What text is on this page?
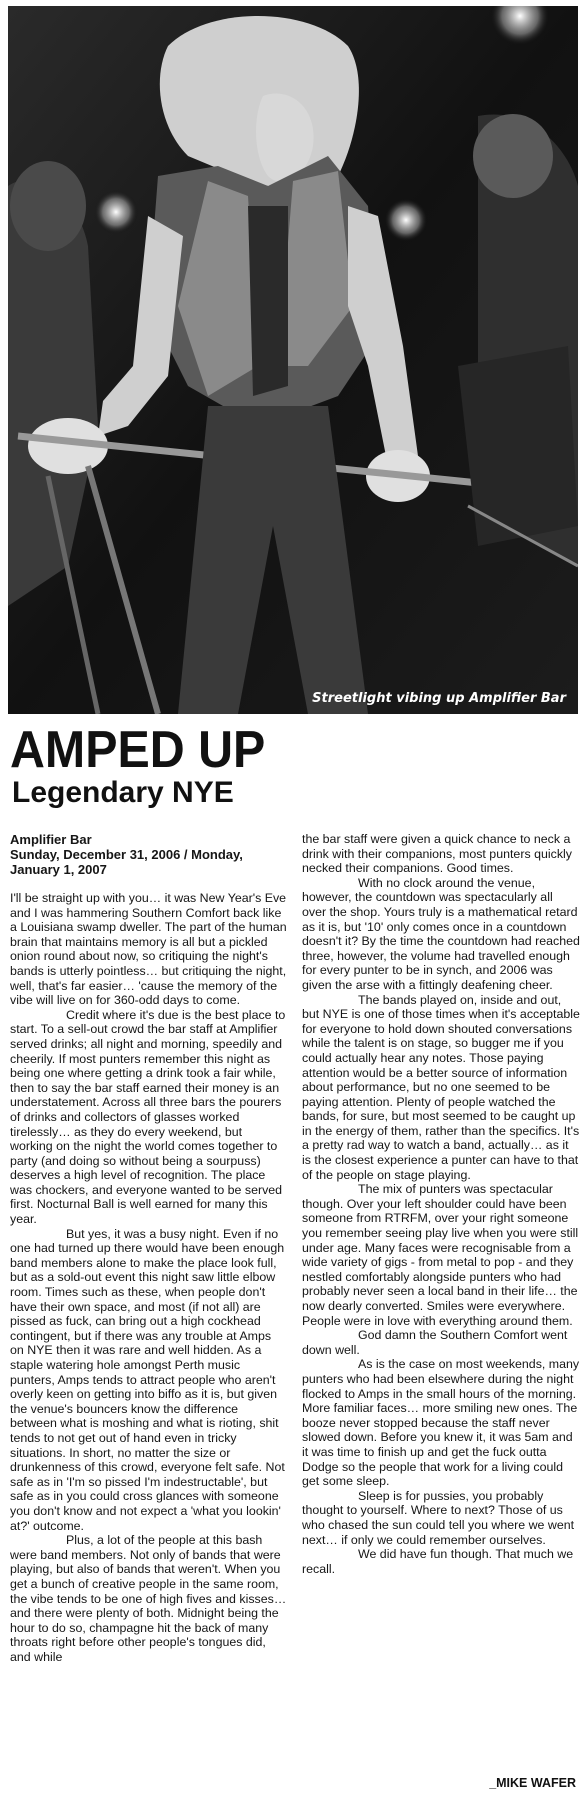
Streetlight vibing up Amplifier Bar
AMPED UP
Legendary NYE

Amplifier Bar

Sunday, December 31, 2006 / Monday, January 1, 2007

I'll be straight up with you… it was New Year's Eve and I was hammering Southern Comfort back like a Louisiana swamp dweller. The part of the human brain that maintains memory is all but a pickled onion round about now, so critiquing the night's bands is utterly pointless… but critiquing the night, well, that's far easier… 'cause the memory of the vibe will live on for 360-odd days to come.

Credit where it's due is the best place to start. To a sell-out crowd the bar staff at Amplifier served drinks; all night and morning, speedily and cheerily. If most punters remember this night as being one where getting a drink took a fair while, then to say the bar staff earned their money is an understatement. Across all three bars the pourers of drinks and collectors of glasses worked tirelessly… as they do every weekend, but working on the night the world comes together to party (and doing so without being a sourpuss) deserves a high level of recognition. The place was chockers, and everyone wanted to be served first. Nocturnal Ball is well earned for many this year.

But yes, it was a busy night. Even if no one had turned up there would have been enough band members alone to make the place look full, but as a sold-out event this night saw little elbow room. Times such as these, when people don't have their own space, and most (if not all) are pissed as fuck, can bring out a high cockhead contingent, but if there was any trouble at Amps on NYE then it was rare and well hidden. As a staple watering hole amongst Perth music punters, Amps tends to attract people who aren't overly keen on getting into biffo as it is, but given the venue's bouncers know the difference between what is moshing and what is rioting, shit tends to not get out of hand even in tricky situations. In short, no matter the size or drunkenness of this crowd, everyone felt safe. Not safe as in 'I'm so pissed I'm indestructable', but safe as in you could cross glances with someone you don't know and not expect a 'what you lookin' at?' outcome.

Plus, a lot of the people at this bash were band members. Not only of bands that were playing, but also of bands that weren't. When you get a bunch of creative people in the same room, the vibe tends to be one of high fives and kisses… and there were plenty of both. Midnight being the hour to do so, champagne hit the back of many throats right before other people's tongues did, and while

the bar staff were given a quick chance to neck a drink with their companions, most punters quickly necked their companions. Good times.

With no clock around the venue, however, the countdown was spectacularly all over the shop. Yours truly is a mathematical retard as it is, but '10' only comes once in a countdown doesn't it? By the time the countdown had reached three, however, the volume had travelled enough for every punter to be in synch, and 2006 was given the arse with a fittingly deafening cheer.

The bands played on, inside and out, but NYE is one of those times when it's acceptable for everyone to hold down shouted conversations while the talent is on stage, so bugger me if you could actually hear any notes. Those paying attention would be a better source of information about performance, but no one seemed to be paying attention. Plenty of people watched the bands, for sure, but most seemed to be caught up in the energy of them, rather than the specifics. It's a pretty rad way to watch a band, actually… as it is the closest experience a punter can have to that of the people on stage playing.

The mix of punters was spectacular though. Over your left shoulder could have been someone from RTRFM, over your right someone you remember seeing play live when you were still under age. Many faces were recognisable from a wide variety of gigs - from metal to pop - and they nestled comfortably alongside punters who had probably never seen a local band in their life… the now dearly converted. Smiles were everywhere. People were in love with everything around them.

God damn the Southern Comfort went down well.

As is the case on most weekends, many punters who had been elsewhere during the night flocked to Amps in the small hours of the morning. More familiar faces… more smiling new ones. The booze never stopped because the staff never slowed down. Before you knew it, it was 5am and it was time to finish up and get the fuck outta Dodge so the people that work for a living could get some sleep.

Sleep is for pussies, you probably thought to yourself. Where to next? Those of us who chased the sun could tell you where we went next… if only we could remember ourselves.

We did have fun though. That much we recall.

_MIKE WAFER
